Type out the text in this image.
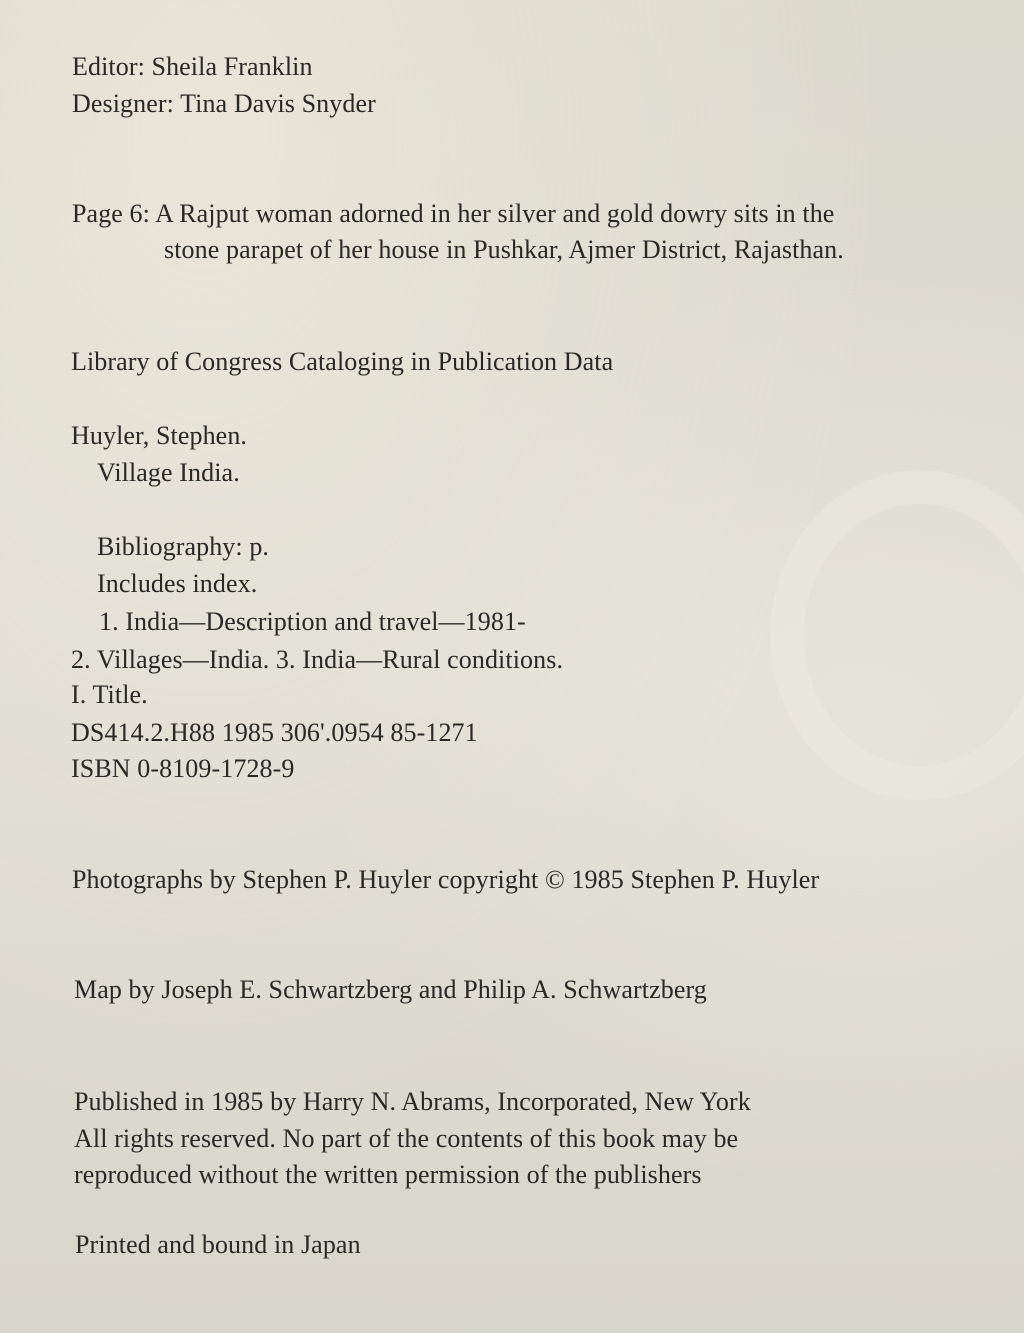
Editor: Sheila Franklin
Designer: Tina Davis Snyder
Page 6: A Rajput woman adorned in her silver and gold dowry sits in the
stone parapet of her house in Pushkar, Ajmer District, Rajasthan.
Library of Congress Cataloging in Publication Data
Huyler, Stephen.
Village India.
Bibliography: p.
Includes index.
1. India—Description and travel—1981-
2. Villages—India. 3. India—Rural conditions.
I. Title.
DS414.2.H88 1985 306'.0954 85-1271
ISBN 0-8109-1728-9
Photographs by Stephen P. Huyler copyright © 1985 Stephen P. Huyler
Map by Joseph E. Schwartzberg and Philip A. Schwartzberg
Published in 1985 by Harry N. Abrams, Incorporated, New York
All rights reserved. No part of the contents of this book may be
reproduced without the written permission of the publishers
Printed and bound in Japan
